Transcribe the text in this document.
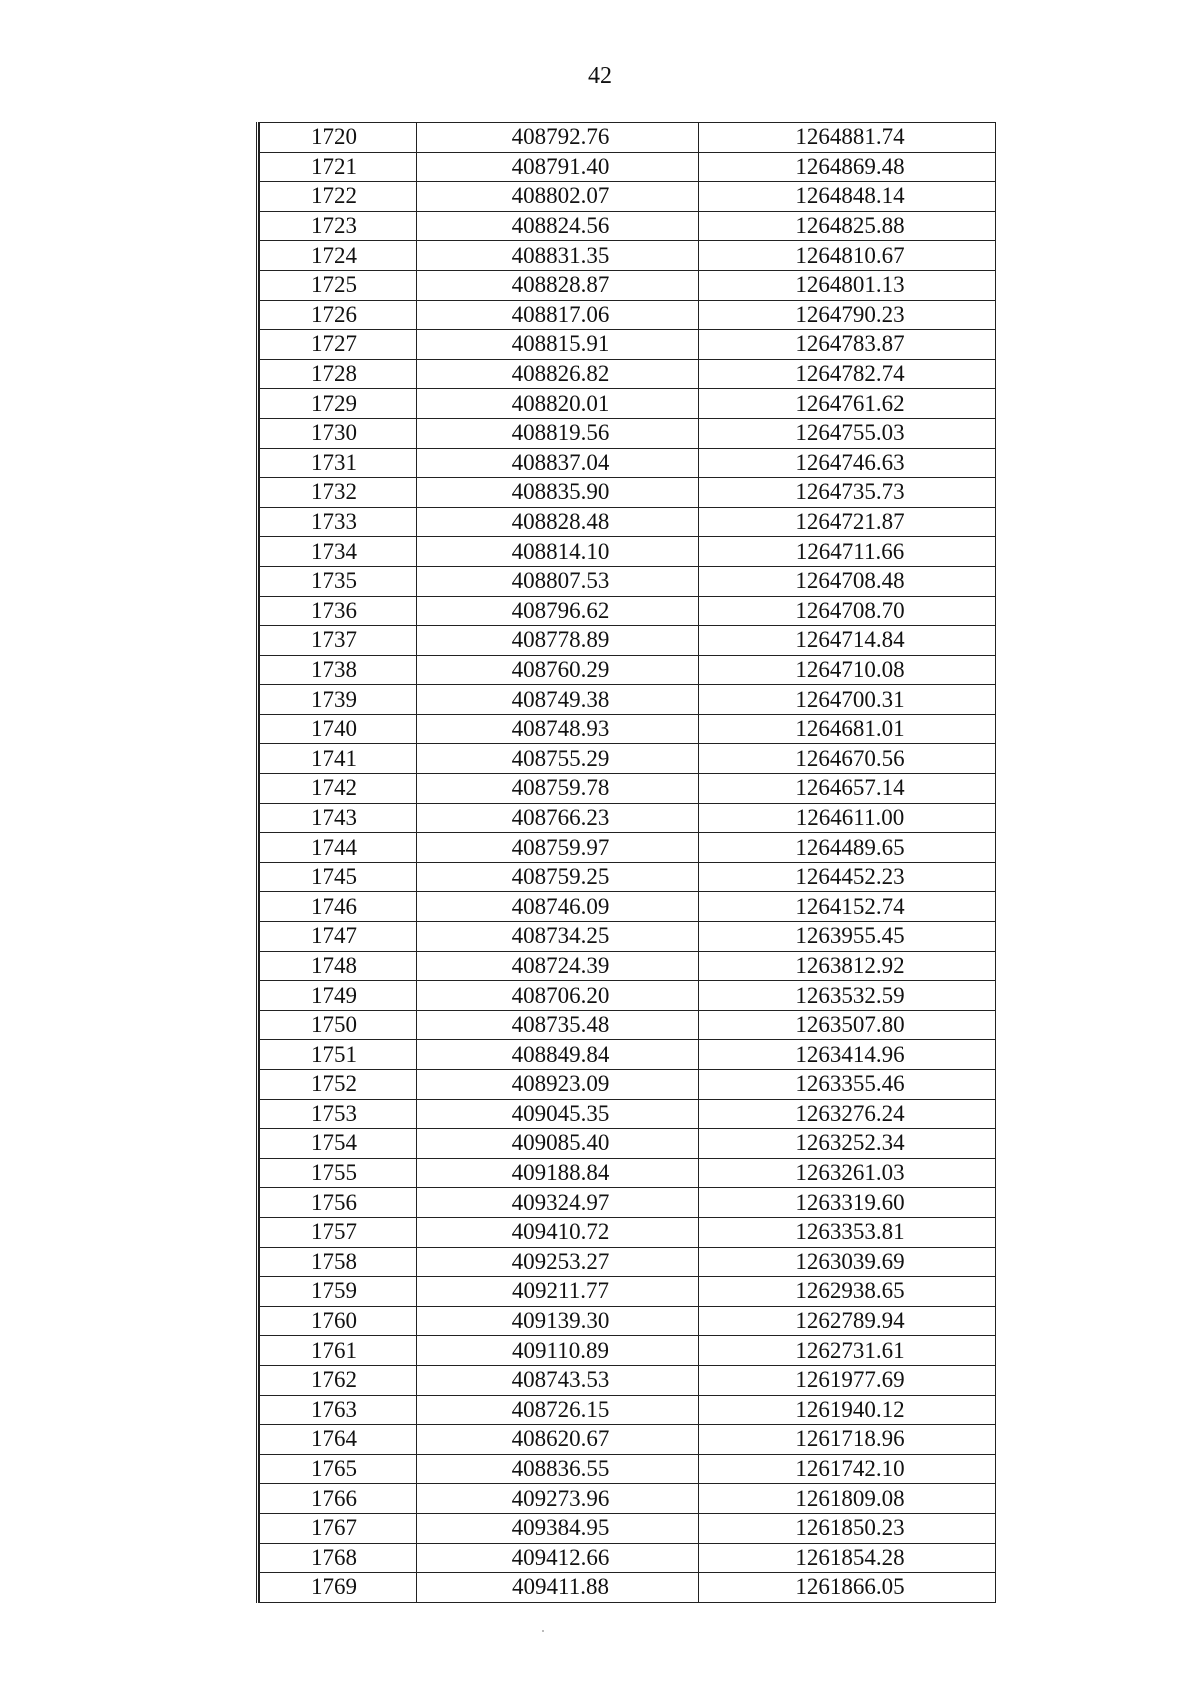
42
1720	408792.76	1264881.74
1721	408791.40	1264869.48
1722	408802.07	1264848.14
1723	408824.56	1264825.88
1724	408831.35	1264810.67
1725	408828.87	1264801.13
1726	408817.06	1264790.23
1727	408815.91	1264783.87
1728	408826.82	1264782.74
1729	408820.01	1264761.62
1730	408819.56	1264755.03
1731	408837.04	1264746.63
1732	408835.90	1264735.73
1733	408828.48	1264721.87
1734	408814.10	1264711.66
1735	408807.53	1264708.48
1736	408796.62	1264708.70
1737	408778.89	1264714.84
1738	408760.29	1264710.08
1739	408749.38	1264700.31
1740	408748.93	1264681.01
1741	408755.29	1264670.56
1742	408759.78	1264657.14
1743	408766.23	1264611.00
1744	408759.97	1264489.65
1745	408759.25	1264452.23
1746	408746.09	1264152.74
1747	408734.25	1263955.45
1748	408724.39	1263812.92
1749	408706.20	1263532.59
1750	408735.48	1263507.80
1751	408849.84	1263414.96
1752	408923.09	1263355.46
1753	409045.35	1263276.24
1754	409085.40	1263252.34
1755	409188.84	1263261.03
1756	409324.97	1263319.60
1757	409410.72	1263353.81
1758	409253.27	1263039.69
1759	409211.77	1262938.65
1760	409139.30	1262789.94
1761	409110.89	1262731.61
1762	408743.53	1261977.69
1763	408726.15	1261940.12
1764	408620.67	1261718.96
1765	408836.55	1261742.10
1766	409273.96	1261809.08
1767	409384.95	1261850.23
1768	409412.66	1261854.28
1769	409411.88	1261866.05
